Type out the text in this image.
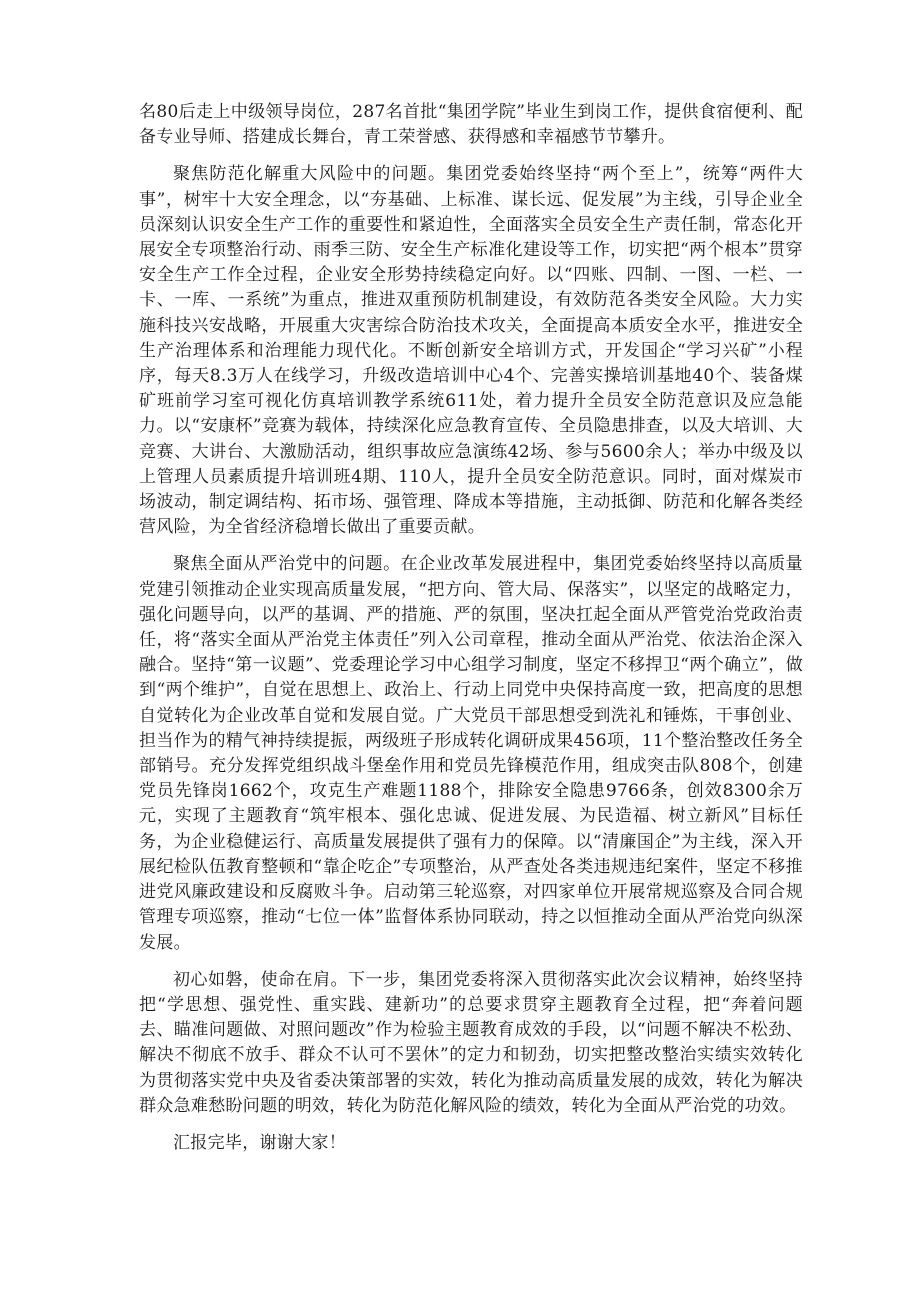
名80后走上中级领导岗位，287名首批“集团学院”毕业生到岗工作，提供食宿便利、配备专业导师、搭建成长舞台，青工荣誉感、获得感和幸福感节节攀升。

聚焦防范化解重大风险中的问题。集团党委始终坚持“两个至上”，统筹“两件大事”，树牢十大安全理念，以“夯基础、上标准、谋长远、促发展”为主线，引导企业全员深刻认识安全生产工作的重要性和紧迫性，全面落实全员安全生产责任制，常态化开展安全专项整治行动、雨季三防、安全生产标准化建设等工作，切实把“两个根本”贯穿安全生产工作全过程，企业安全形势持续稳定向好。以“四账、四制、一图、一栏、一卡、一库、一系统”为重点，推进双重预防机制建设，有效防范各类安全风险。大力实施科技兴安战略，开展重大灾害综合防治技术攻关，全面提高本质安全水平，推进安全生产治理体系和治理能力现代化。不断创新安全培训方式，开发国企“学习兴矿”小程序，每天8.3万人在线学习，升级改造培训中心4个、完善实操培训基地40个、装备煤矿班前学习室可视化仿真培训教学系统611处，着力提升全员安全防范意识及应急能力。以“安康杯”竞赛为载体，持续深化应急教育宣传、全员隐患排查，以及大培训、大竞赛、大讲台、大激励活动，组织事故应急演练42场、参与5600余人；举办中级及以上管理人员素质提升培训班4期、110人，提升全员安全防范意识。同时，面对煤炭市场波动，制定调结构、拓市场、强管理、降成本等措施，主动抵御、防范和化解各类经营风险，为全省经济稳增长做出了重要贡献。

聚焦全面从严治党中的问题。在企业改革发展进程中，集团党委始终坚持以高质量党建引领推动企业实现高质量发展，“把方向、管大局、保落实”，以坚定的战略定力，强化问题导向，以严的基调、严的措施、严的氛围，坚决扛起全面从严管党治党政治责任，将“落实全面从严治党主体责任”列入公司章程，推动全面从严治党、依法治企深入融合。坚持“第一议题”、党委理论学习中心组学习制度，坚定不移捍卫“两个确立”，做到“两个维护”，自觉在思想上、政治上、行动上同党中央保持高度一致，把高度的思想自觉转化为企业改革自觉和发展自觉。广大党员干部思想受到洗礼和锤炼，干事创业、担当作为的精气神持续提振，两级班子形成转化调研成果456项，11个整治整改任务全部销号。充分发挥党组织战斗堡垒作用和党员先锋模范作用，组成突击队808个，创建党员先锋岗1662个，攻克生产难题1188个，排除安全隐患9766条，创效8300余万元，实现了主题教育“筑牢根本、强化忠诚、促进发展、为民造福、树立新风”目标任务，为企业稳健运行、高质量发展提供了强有力的保障。以“清廉国企”为主线，深入开展纪检队伍教育整顿和“靠企吃企”专项整治，从严查处各类违规违纪案件，坚定不移推进党风廉政建设和反腐败斗争。启动第三轮巡察，对四家单位开展常规巡察及合同合规管理专项巡察，推动“七位一体”监督体系协同联动，持之以恒推动全面从严治党向纵深发展。

初心如磐，使命在肩。下一步，集团党委将深入贯彻落实此次会议精神，始终坚持把“学思想、强党性、重实践、建新功”的总要求贯穿主题教育全过程，把“奔着问题去、瞄准问题做、对照问题改”作为检验主题教育成效的手段，以“问题不解决不松劲、解决不彻底不放手、群众不认可不罢休”的定力和韧劲，切实把整改整治实绩实效转化为贯彻落实党中央及省委决策部署的实效，转化为推动高质量发展的成效，转化为解决群众急难愁盼问题的明效，转化为防范化解风险的绩效，转化为全面从严治党的功效。

汇报完毕，谢谢大家！
